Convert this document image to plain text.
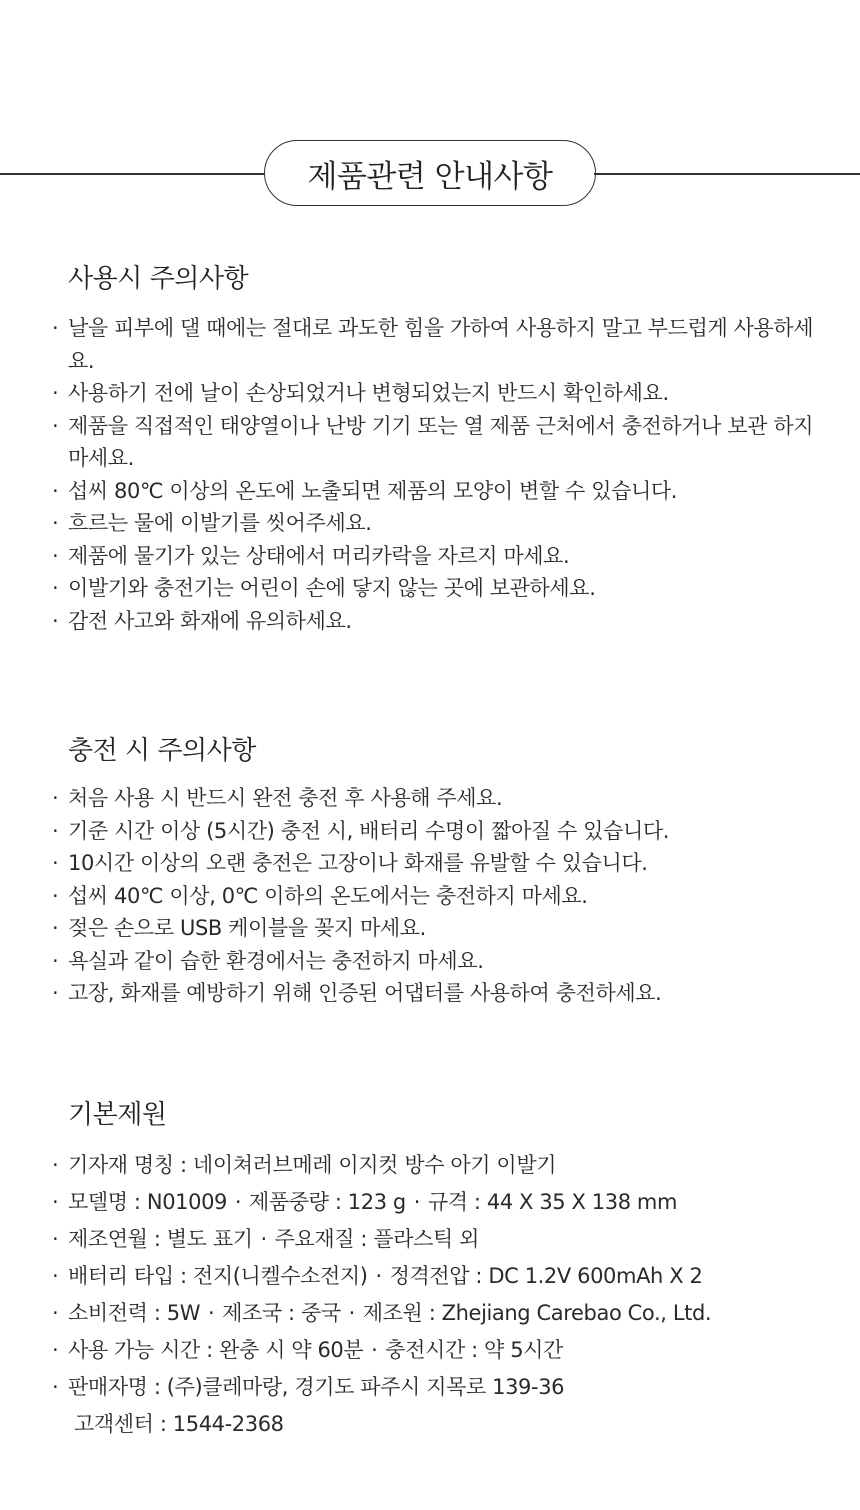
제품관련 안내사항
사용시 주의사항
· 날을 피부에 댈 때에는 절대로 과도한 힘을 가하여 사용하지 말고 부드럽게 사용하세요.
· 사용하기 전에 날이 손상되었거나 변형되었는지 반드시 확인하세요.
· 제품을 직접적인 태양열이나 난방 기기 또는 열 제품 근처에서 충전하거나 보관 하지 마세요.
· 섭씨 80℃ 이상의 온도에 노출되면 제품의 모양이 변할 수 있습니다.
· 흐르는 물에 이발기를 씻어주세요.
· 제품에 물기가 있는 상태에서 머리카락을 자르지 마세요.
· 이발기와 충전기는 어린이 손에 닿지 않는 곳에 보관하세요.
· 감전 사고와 화재에 유의하세요.
충전 시 주의사항
· 처음 사용 시 반드시 완전 충전 후 사용해 주세요.
· 기준 시간 이상 (5시간) 충전 시, 배터리 수명이 짧아질 수 있습니다.
· 10시간 이상의 오랜 충전은 고장이나 화재를 유발할 수 있습니다.
· 섭씨 40℃ 이상, 0℃ 이하의 온도에서는 충전하지 마세요.
· 젖은 손으로 USB 케이블을 꽂지 마세요.
· 욕실과 같이 습한 환경에서는 충전하지 마세요.
· 고장, 화재를 예방하기 위해 인증된 어댑터를 사용하여 충전하세요.
기본제원
· 기자재 명칭 : 네이쳐러브메레 이지컷 방수 아기 이발기
· 모델명 : N01009 · 제품중량 : 123 g · 규격 : 44 X 35 X 138 mm
· 제조연월 : 별도 표기 · 주요재질 : 플라스틱 외
· 배터리 타입 : 전지(니켈수소전지) · 정격전압 : DC 1.2V 600mAh X 2
· 소비전력 : 5W · 제조국 : 중국 · 제조원 : Zhejiang Carebao Co., Ltd.
· 사용 가능 시간 : 완충 시 약 60분 · 충전시간 : 약 5시간
· 판매자명 : (주)클레마랑, 경기도 파주시 지목로 139-36
고객센터 : 1544-2368
